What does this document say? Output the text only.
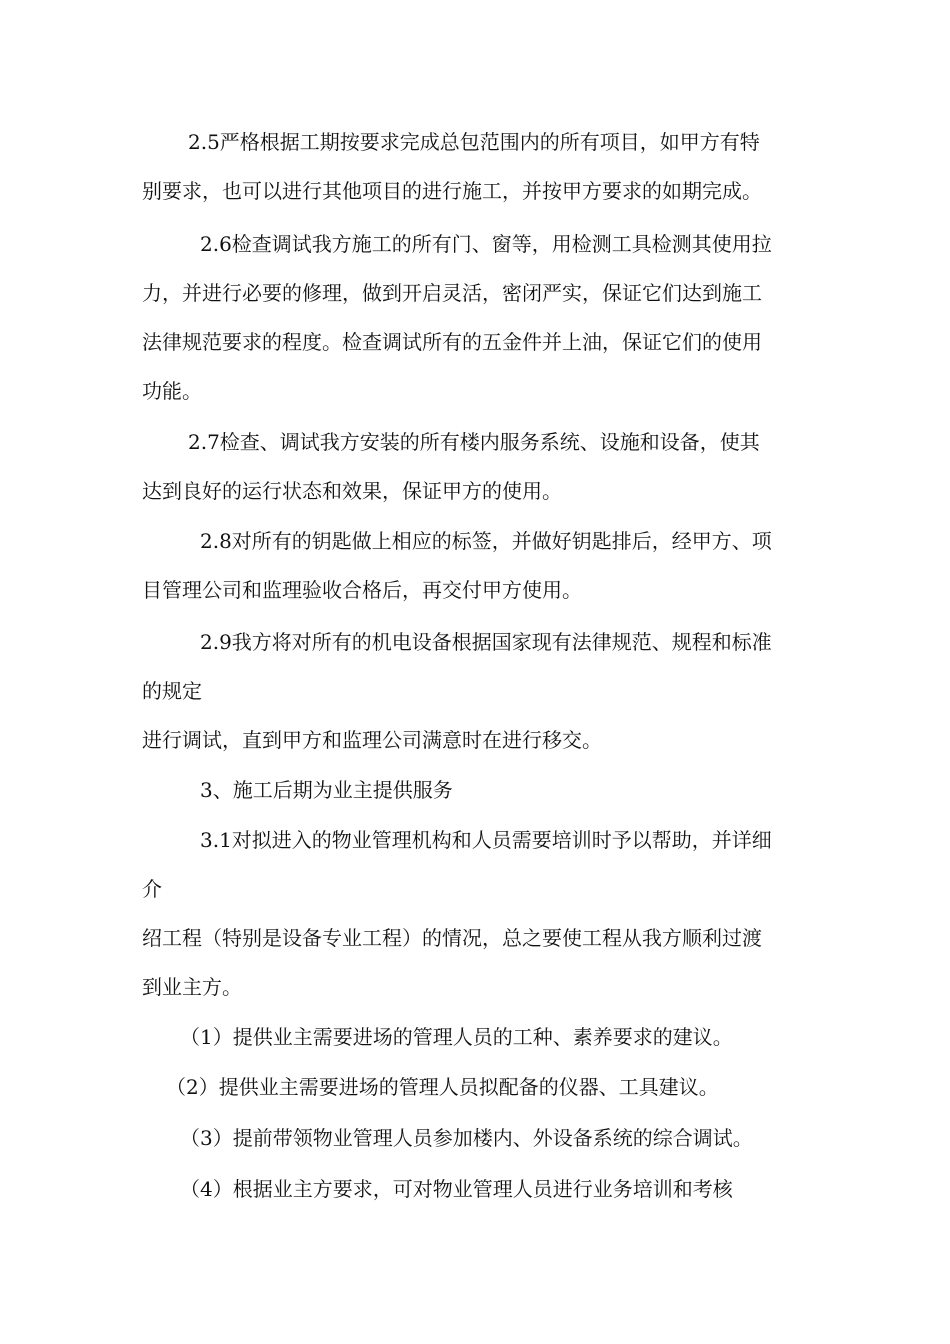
2.5严格根据工期按要求完成总包范围内的所有项目，如甲方有特

别要求，也可以进行其他项目的进行施工，并按甲方要求的如期完成。

2.6检查调试我方施工的所有门、窗等，用检测工具检测其使用拉

力，并进行必要的修理，做到开启灵活，密闭严实，保证它们达到施工

法律规范要求的程度。检查调试所有的五金件并上油，保证它们的使用

功能。

2.7检查、调试我方安装的所有楼内服务系统、设施和设备，使其

达到良好的运行状态和效果，保证甲方的使用。

2.8对所有的钥匙做上相应的标签，并做好钥匙排后，经甲方、项

目管理公司和监理验收合格后，再交付甲方使用。

2.9我方将对所有的机电设备根据国家现有法律规范、规程和标准

的规定

进行调试，直到甲方和监理公司满意时在进行移交。

3、施工后期为业主提供服务

3.1对拟进入的物业管理机构和人员需要培训时予以帮助，并详细

介

绍工程（特别是设备专业工程）的情况，总之要使工程从我方顺利过渡

到业主方。

（1）提供业主需要进场的管理人员的工种、素养要求的建议。

（2）提供业主需要进场的管理人员拟配备的仪器、工具建议。

（3）提前带领物业管理人员参加楼内、外设备系统的综合调试。

（4）根据业主方要求，可对物业管理人员进行业务培训和考核
